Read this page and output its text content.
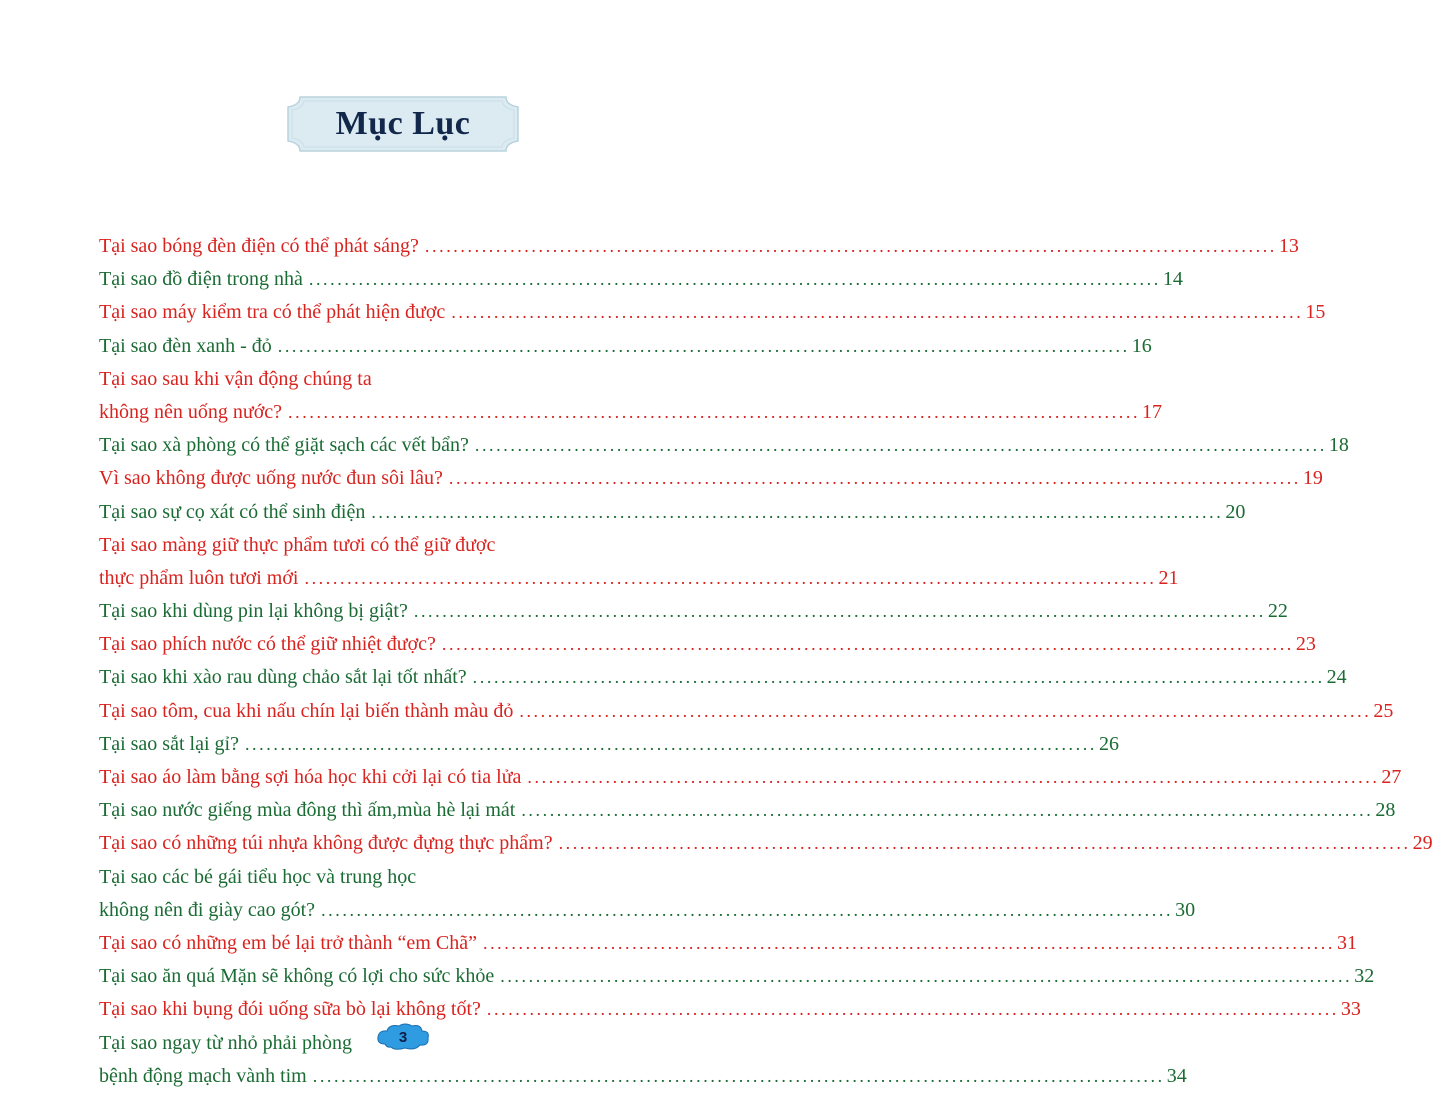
Mục Lục
Tại sao bóng đèn điện có thể phát sáng? ........................................................................................................................ 13
Tại sao đồ điện trong nhà ........................................................................................................................ 14
Tại sao máy kiểm tra có thể phát hiện được ........................................................................................................................ 15
Tại sao đèn xanh - đỏ ........................................................................................................................ 16
Tại sao sau khi vận động chúng ta
không nên uống nước? ........................................................................................................................ 17
Tại sao xà phòng có thể giặt sạch các vết bẩn? ........................................................................................................................ 18
Vì sao không được uống nước đun sôi lâu? ........................................................................................................................ 19
Tại sao sự cọ xát có thể sinh điện ........................................................................................................................ 20
Tại sao màng giữ thực phẩm tươi có thể giữ được
thực phẩm luôn tươi mới ........................................................................................................................ 21
Tại sao khi dùng pin lại không bị giật? ........................................................................................................................ 22
Tại sao phích nước có thể giữ nhiệt được? ........................................................................................................................ 23
Tại sao khi xào rau dùng chảo sắt lại tốt nhất? ........................................................................................................................ 24
Tại sao tôm, cua khi nấu chín lại biến thành màu đỏ ........................................................................................................................ 25
Tại sao sắt lại gỉ? ........................................................................................................................ 26
Tại sao áo làm bằng sợi hóa học khi cởi lại có tia lửa ........................................................................................................................ 27
Tại sao nước giếng mùa đông thì ấm,mùa hè lại mát ........................................................................................................................ 28
Tại sao có những túi nhựa không được đựng thực phẩm? ........................................................................................................................ 29
Tại sao các bé gái tiểu học và trung học
không nên đi giày cao gót? ........................................................................................................................ 30
Tại sao có những em bé lại trở thành “em Chã” ........................................................................................................................ 31
Tại sao ăn quá Mặn sẽ không có lợi cho sức khỏe ........................................................................................................................ 32
Tại sao khi bụng đói uống sữa bò lại không tốt? ........................................................................................................................ 33
Tại sao ngay từ nhỏ phải phòng
bệnh động mạch vành tim ........................................................................................................................ 34
3
